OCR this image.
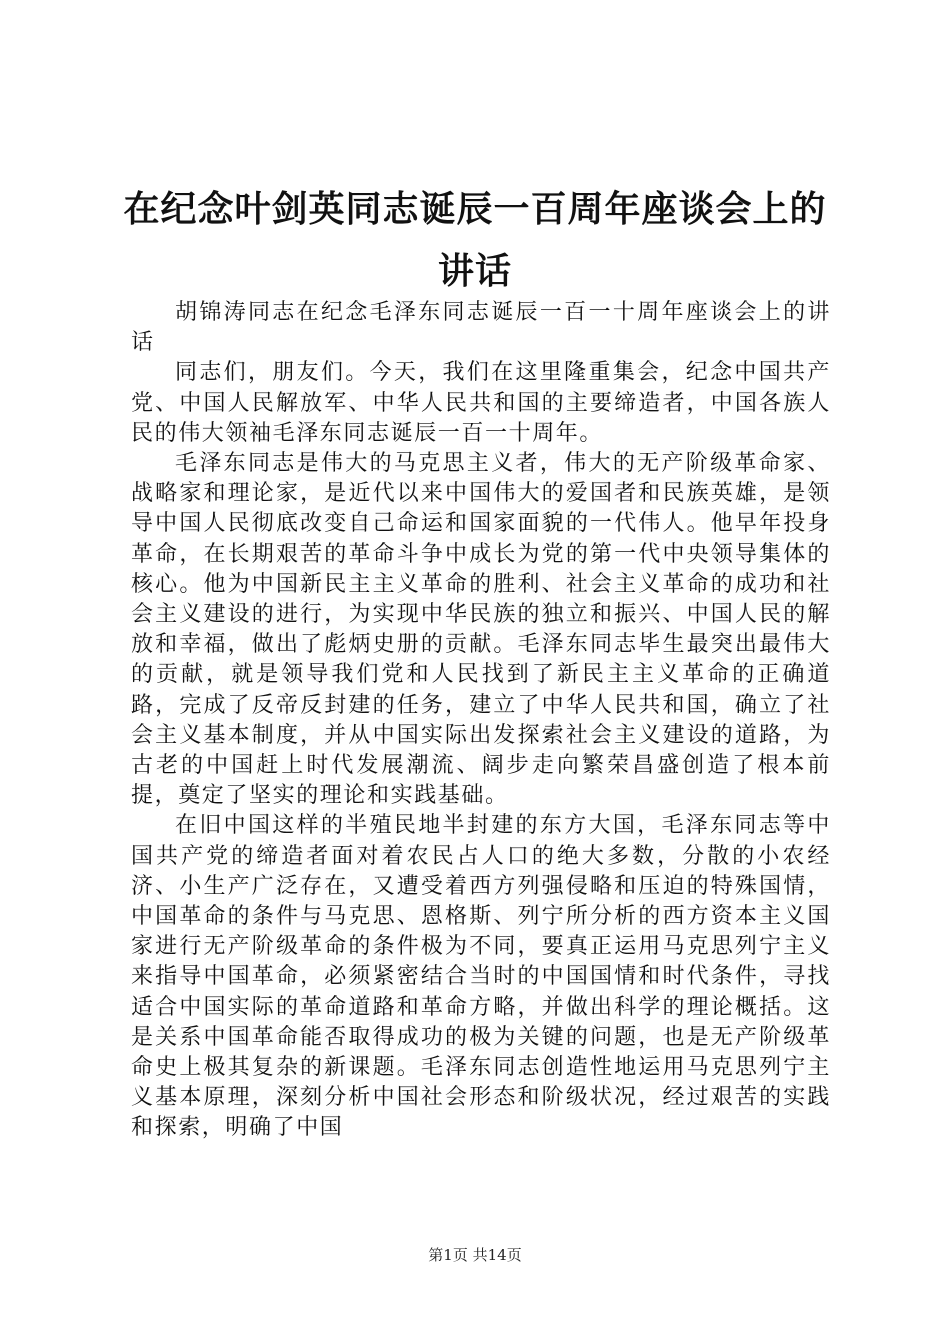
在纪念叶剑英同志诞辰一百周年座谈会上的讲话

胡锦涛同志在纪念毛泽东同志诞辰一百一十周年座谈会上的讲话

同志们，朋友们。今天，我们在这里隆重集会，纪念中国共产党、中国人民解放军、中华人民共和国的主要缔造者，中国各族人民的伟大领袖毛泽东同志诞辰一百一十周年。

毛泽东同志是伟大的马克思主义者，伟大的无产阶级革命家、战略家和理论家，是近代以来中国伟大的爱国者和民族英雄，是领导中国人民彻底改变自己命运和国家面貌的一代伟人。他早年投身革命，在长期艰苦的革命斗争中成长为党的第一代中央领导集体的核心。他为中国新民主主义革命的胜利、社会主义革命的成功和社会主义建设的进行，为实现中华民族的独立和振兴、中国人民的解放和幸福，做出了彪炳史册的贡献。毛泽东同志毕生最突出最伟大的贡献，就是领导我们党和人民找到了新民主主义革命的正确道路，完成了反帝反封建的任务，建立了中华人民共和国，确立了社会主义基本制度，并从中国实际出发探索社会主义建设的道路，为古老的中国赶上时代发展潮流、阔步走向繁荣昌盛创造了根本前提，奠定了坚实的理论和实践基础。

在旧中国这样的半殖民地半封建的东方大国，毛泽东同志等中国共产党的缔造者面对着农民占人口的绝大多数，分散的小农经济、小生产广泛存在，又遭受着西方列强侵略和压迫的特殊国情，中国革命的条件与马克思、恩格斯、列宁所分析的西方资本主义国家进行无产阶级革命的条件极为不同，要真正运用马克思列宁主义来指导中国革命，必须紧密结合当时的中国国情和时代条件，寻找适合中国实际的革命道路和革命方略，并做出科学的理论概括。这是关系中国革命能否取得成功的极为关键的问题，也是无产阶级革命史上极其复杂的新课题。毛泽东同志创造性地运用马克思列宁主义基本原理，深刻分析中国社会形态和阶级状况，经过艰苦的实践和探索，明确了中国

第1页 共14页
